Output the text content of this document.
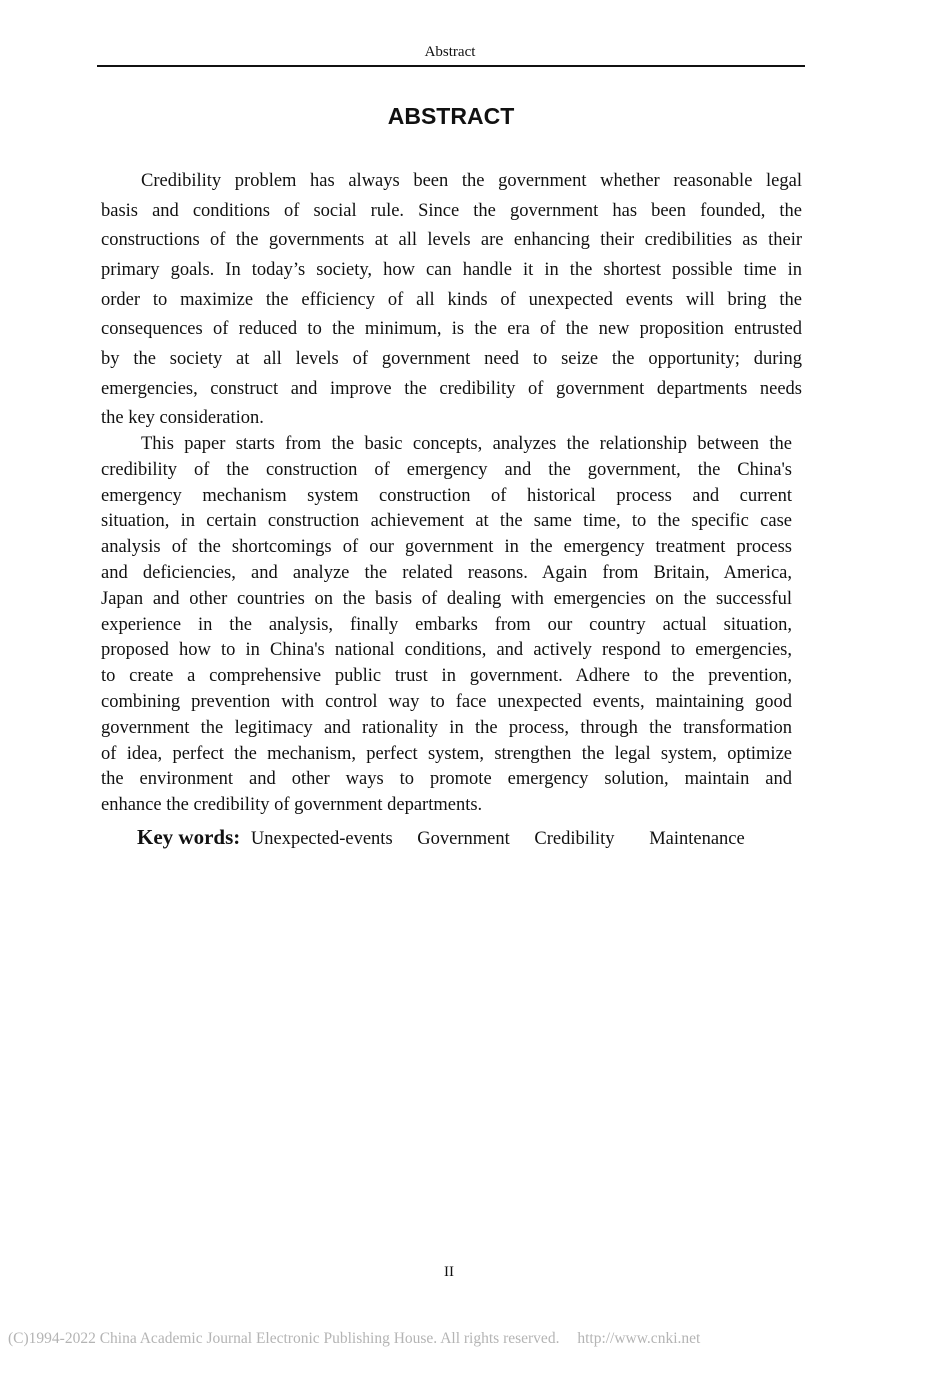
Abstract
ABSTRACT
Credibility problem has always been the government whether reasonable legal
basis and conditions of social rule. Since the government has been founded, the
constructions of the governments at all levels are enhancing their credibilities as their
primary goals. In today’s society, how can handle it in the shortest possible time in
order to maximize the efficiency of all kinds of unexpected events will bring the
consequences of reduced to the minimum, is the era of the new proposition entrusted
by the society at all levels of government need to seize the opportunity; during
emergencies, construct and improve the credibility of government departments needs
the key consideration.
This paper starts from the basic concepts, analyzes the relationship between the
credibility of the construction of emergency and the government, the China's
emergency mechanism system construction of historical process and current
situation, in certain construction achievement at the same time, to the specific case
analysis of the shortcomings of our government in the emergency treatment process
and deficiencies, and analyze the related reasons. Again from Britain, America,
Japan and other countries on the basis of dealing with emergencies on the successful
experience in the analysis, finally embarks from our country actual situation,
proposed how to in China's national conditions, and actively respond to emergencies,
to create a comprehensive public trust in government. Adhere to the prevention,
combining prevention with control way to face unexpected events, maintaining good
government the legitimacy and rationality in the process, through the transformation
of idea, perfect the mechanism, perfect system, strengthen the legal system, optimize
the environment and other ways to promote emergency solution, maintain and
enhance the credibility of government departments.
Key words: Unexpected-events Government Credibility Maintenance
II
(C)1994-2022 China Academic Journal Electronic Publishing House. All rights reserved. http://www.cnki.net
